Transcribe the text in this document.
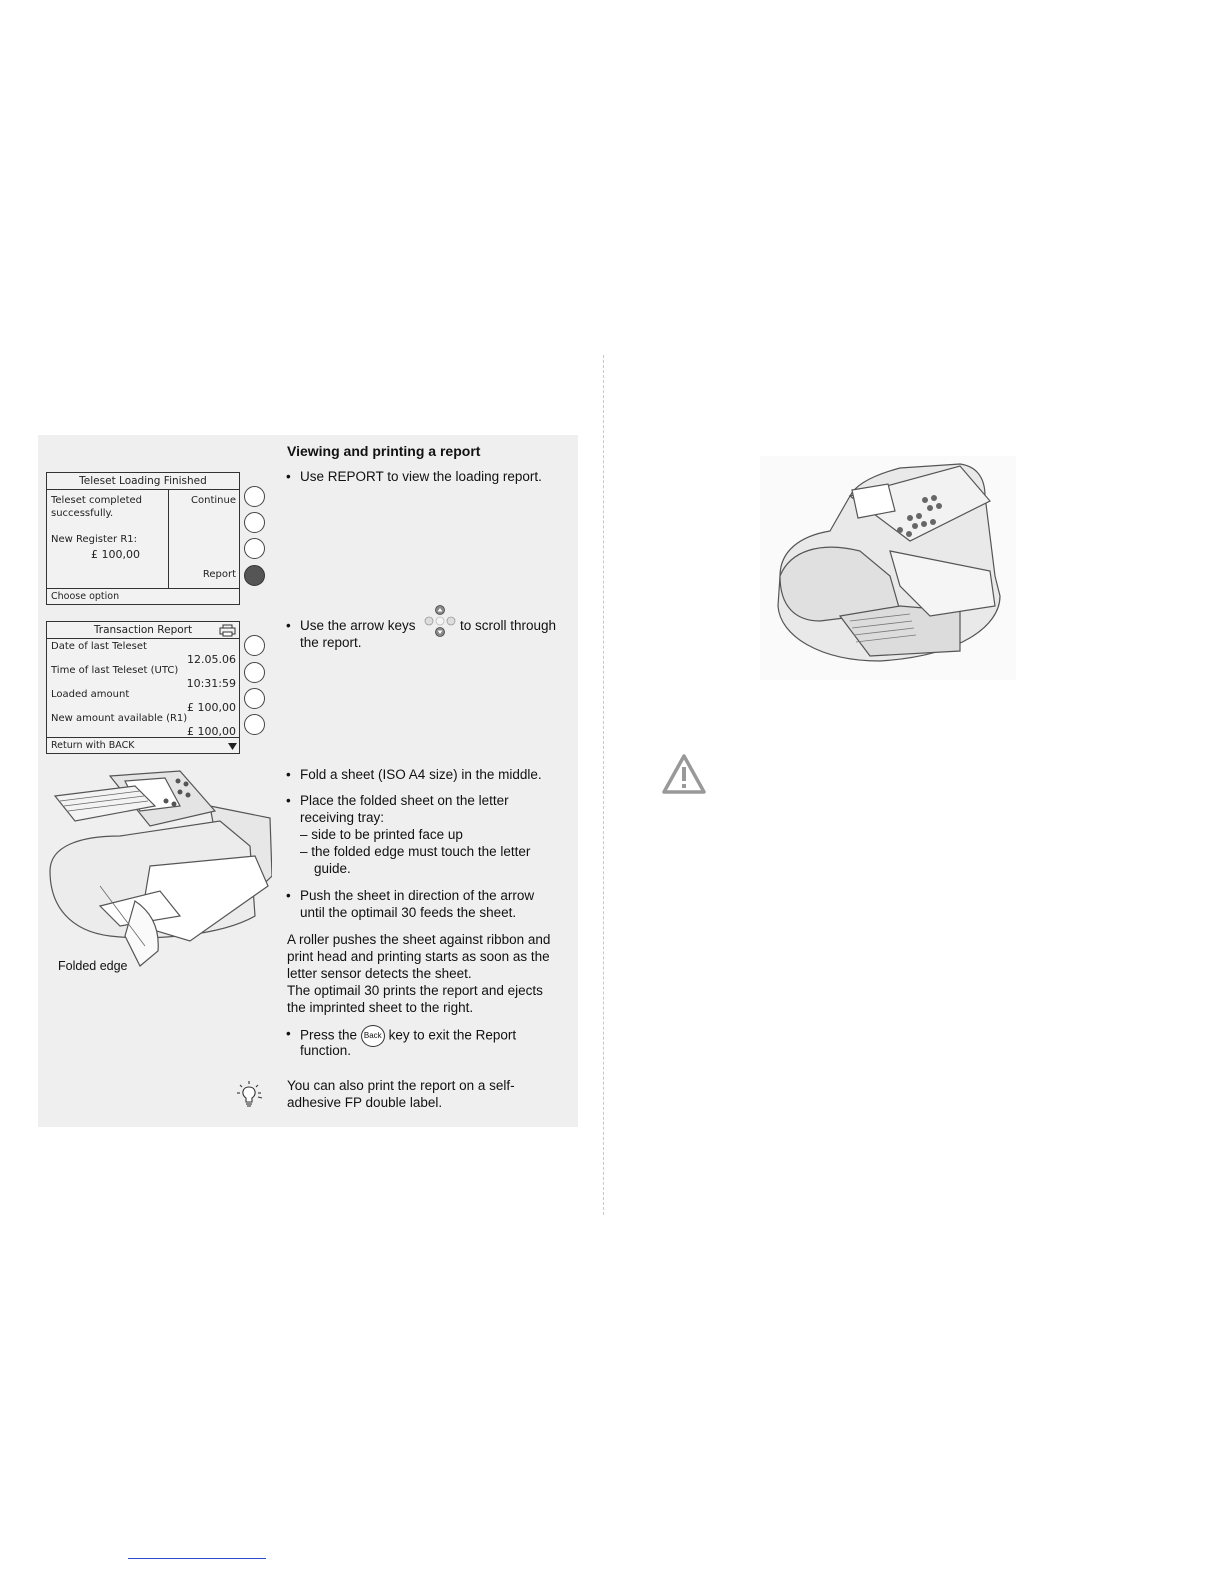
Teleset Loading Finished
Teleset completed
successfully.
New Register R1:
£ 100,00
Continue
Report
Choose option
Transaction Report
Date of last Teleset
12.05.06
Time of last Teleset (UTC)
10:31:59
Loaded amount
£ 100,00
New amount available (R1)
£ 100,00
Return with BACK
Folded edge
Viewing and printing a report
• Use REPORT to view the loading report.
• Use the arrow keys	to scroll through
the report.
• Fold a sheet (ISO A4 size) in the middle.
• Place the folded sheet on the letter
receiving tray:
– side to be printed face up
– the folded edge must touch the letter
guide.
• Push the sheet in direction of the arrow
until the optimail 30 feeds the sheet.
A roller pushes the sheet against ribbon and
print head and printing starts as soon as the
letter sensor detects the sheet.
The optimail 30 prints the report and ejects
the imprinted sheet to the right.
• Press the Back key to exit the Report
function.
You can also print the report on a self-
adhesive FP double label.
